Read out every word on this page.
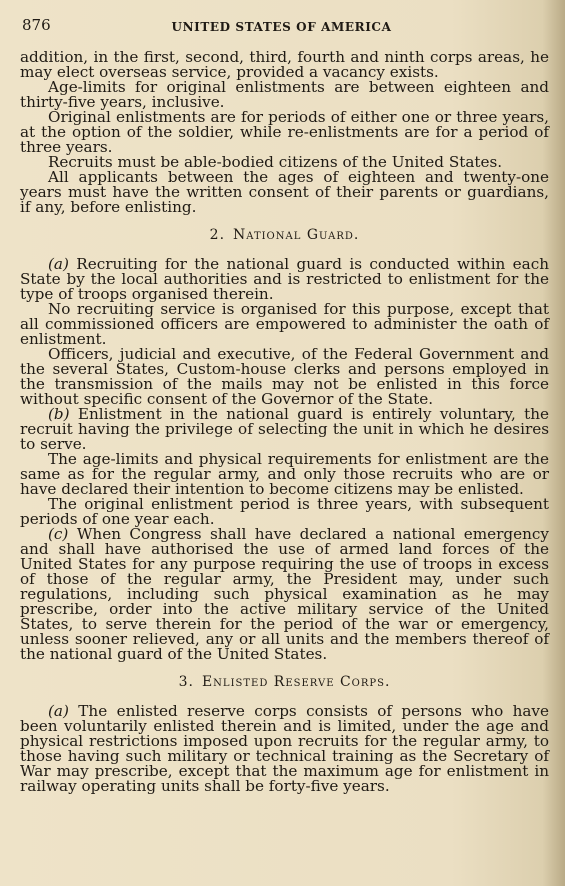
876	UNITED STATES OF AMERICA

addition, in the first, second, third, fourth and ninth corps areas, he may elect overseas service, provided a vacancy exists.

Age-limits for original enlistments are between eighteen and thirty-five years, inclusive.

Original enlistments are for periods of either one or three years, at the option of the soldier, while re-enlistments are for a period of three years.

Recruits must be able-bodied citizens of the United States.

All applicants between the ages of eighteen and twenty-one years must have the written consent of their parents or guardians, if any, before enlisting.

2. National Guard.

(a) Recruiting for the national guard is conducted within each State by the local authorities and is restricted to enlistment for the type of troops organised therein.

No recruiting service is organised for this purpose, except that all commissioned officers are empowered to administer the oath of enlistment.

Officers, judicial and executive, of the Federal Government and the several States, Custom-house clerks and persons employed in the transmission of the mails may not be enlisted in this force without specific consent of the Governor of the State.

(b) Enlistment in the national guard is entirely voluntary, the recruit having the privilege of selecting the unit in which he desires to serve.

The age-limits and physical requirements for enlistment are the same as for the regular army, and only those recruits who are or have declared their intention to become citizens may be enlisted.

The original enlistment period is three years, with subsequent periods of one year each.

(c) When Congress shall have declared a national emergency and shall have authorised the use of armed land forces of the United States for any purpose requiring the use of troops in excess of those of the regular army, the President may, under such regulations, including such physical examination as he may prescribe, order into the active military service of the United States, to serve therein for the period of the war or emergency, unless sooner relieved, any or all units and the members thereof of the national guard of the United States.

3. Enlisted Reserve Corps.

(a) The enlisted reserve corps consists of persons who have been voluntarily enlisted therein and is limited, under the age and physical restrictions imposed upon recruits for the regular army, to those having such military or technical training as the Secretary of War may prescribe, except that the maximum age for enlistment in railway operating units shall be forty-five years.
